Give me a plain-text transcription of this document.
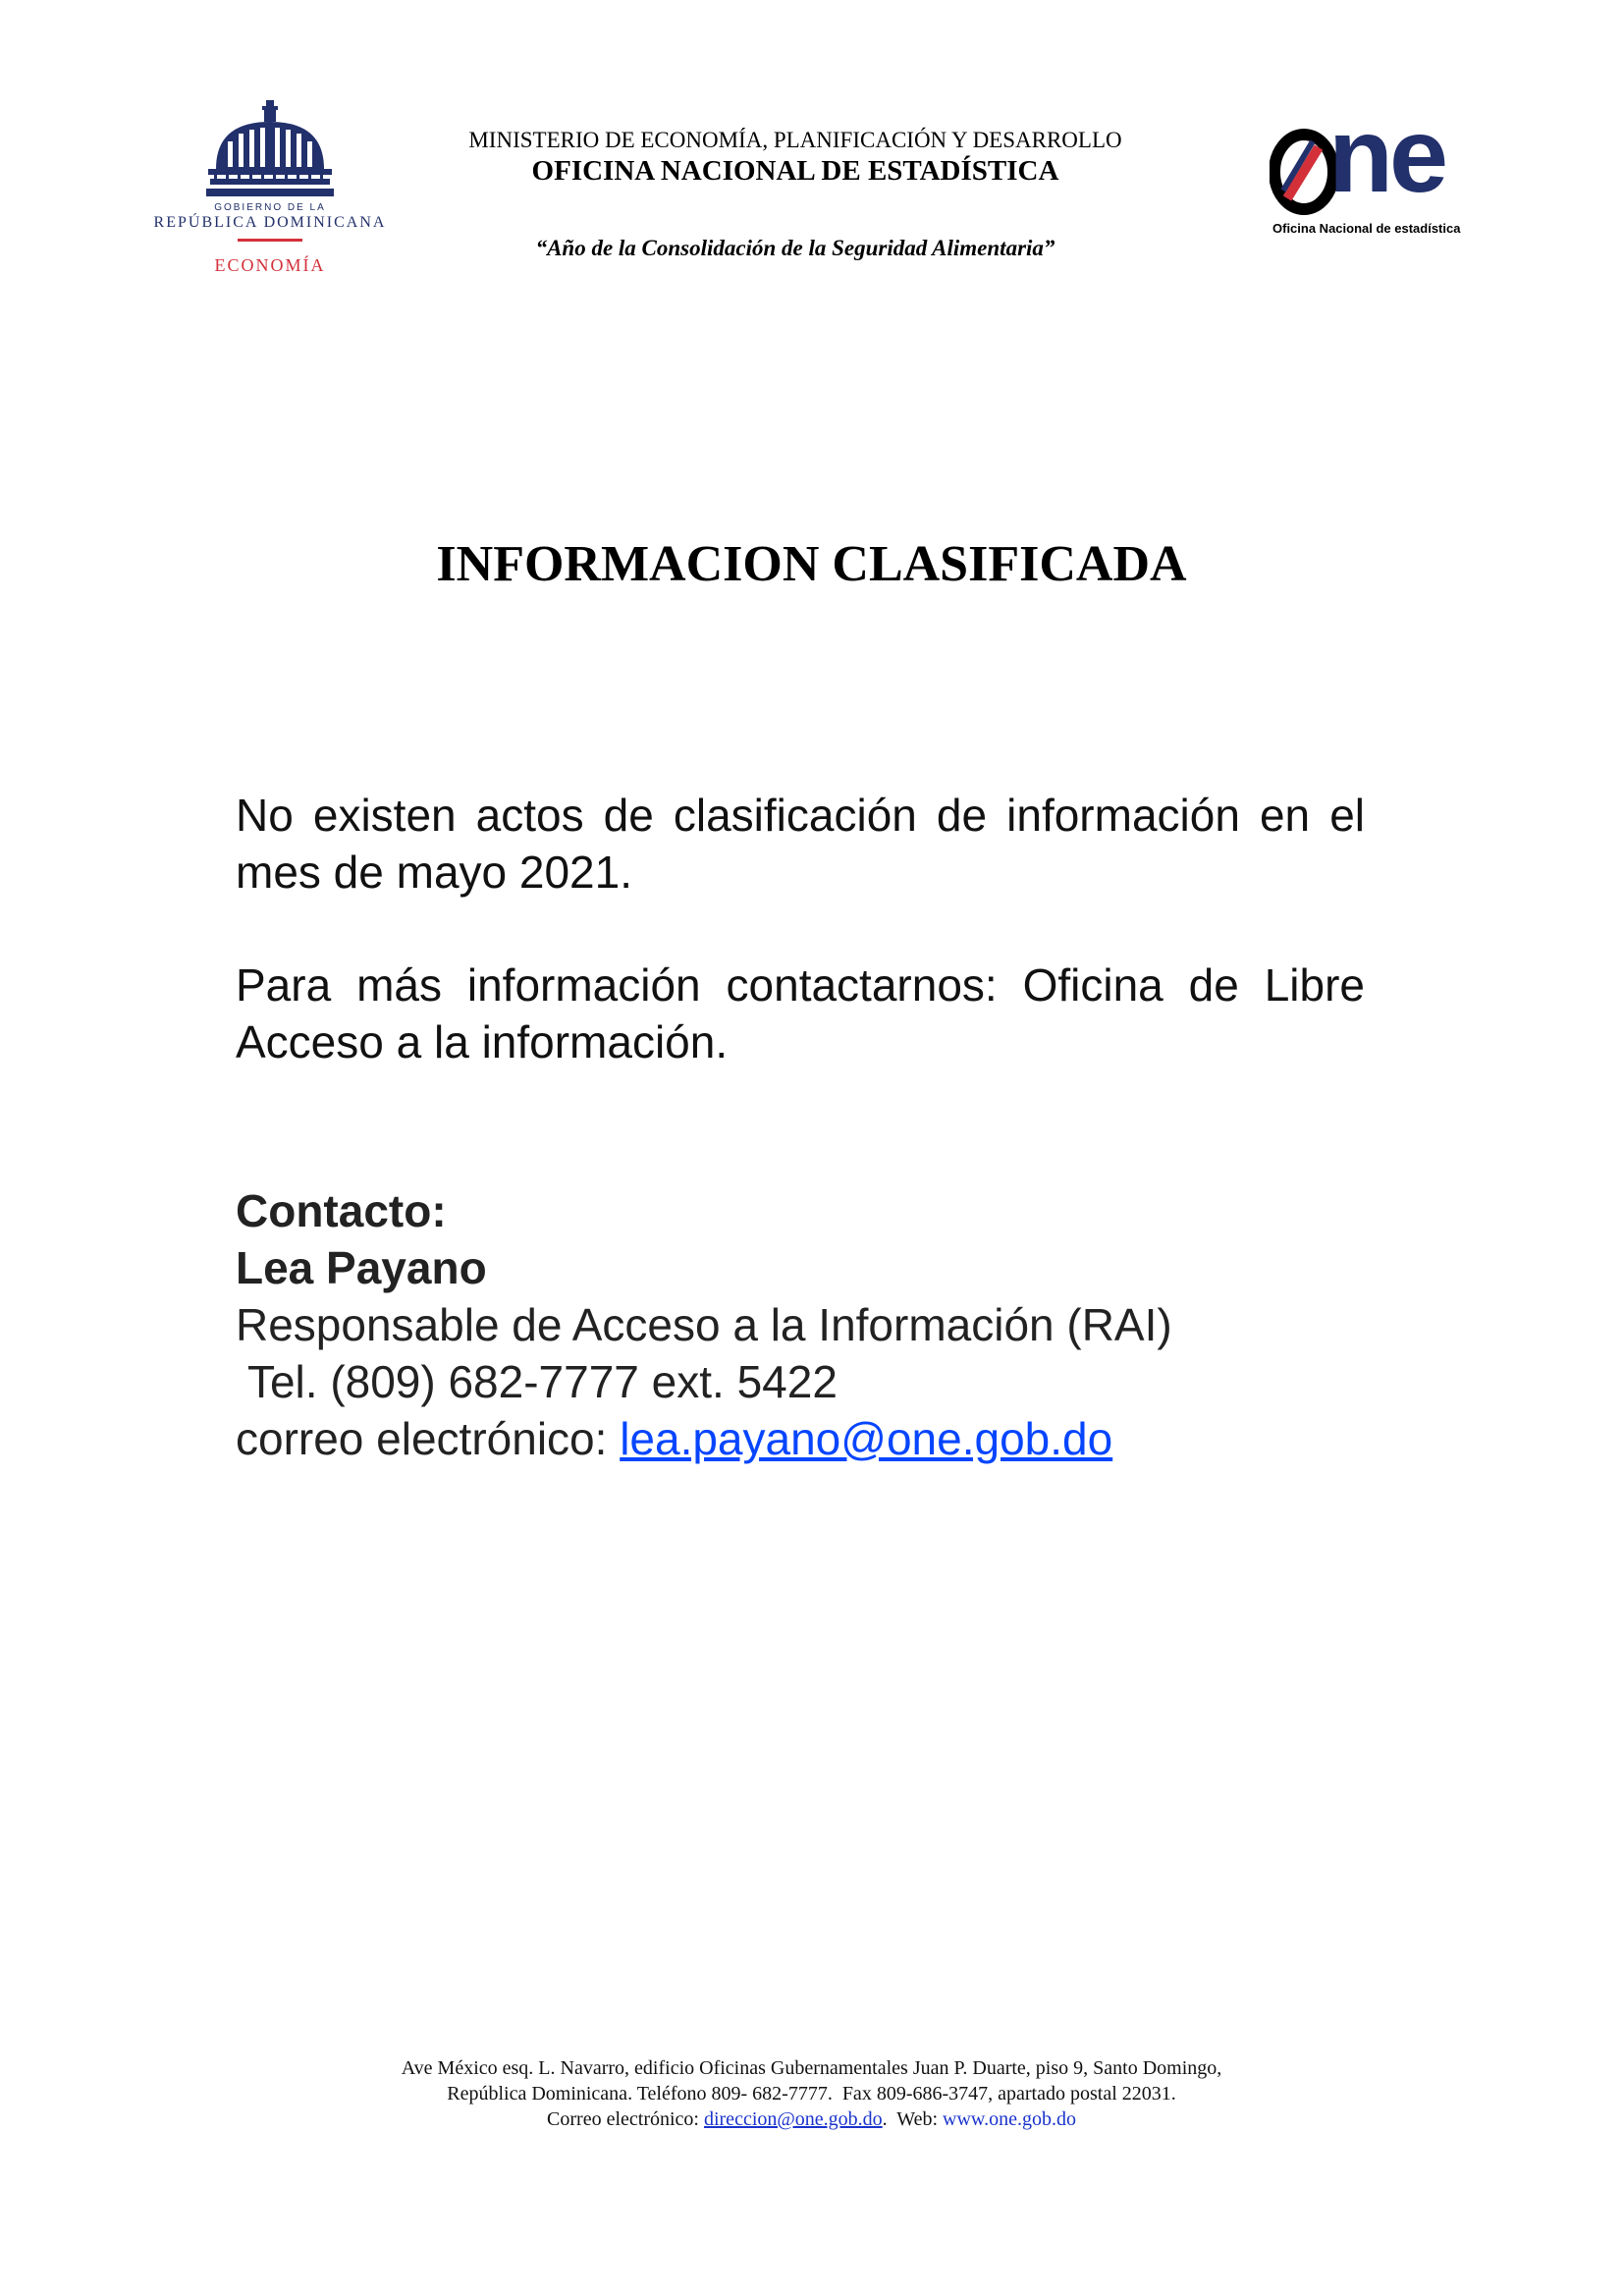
GOBIERNO DE LA
REPÚBLICA DOMINICANA
ECONOMÍA
MINISTERIO DE ECONOMÍA, PLANIFICACIÓN Y DESARROLLO
OFICINA NACIONAL DE ESTADÍSTICA
“Año de la Consolidación de la Seguridad Alimentaria”
ne
Oficina Nacional de estadística
INFORMACION CLASIFICADA
No existen actos de clasificación de información en el mes de mayo 2021.
Para más información contactarnos: Oficina de Libre Acceso a la información.
Contacto:
Lea Payano
Responsable de Acceso a la Información (RAI)
Tel. (809) 682-7777 ext. 5422
correo electrónico: lea.payano@one.gob.do
Ave México esq. L. Navarro, edificio Oficinas Gubernamentales Juan P. Duarte, piso 9, Santo Domingo,
República Dominicana. Teléfono 809- 682-7777.  Fax 809-686-3747, apartado postal 22031.
Correo electrónico: direccion@one.gob.do.  Web: www.one.gob.do
